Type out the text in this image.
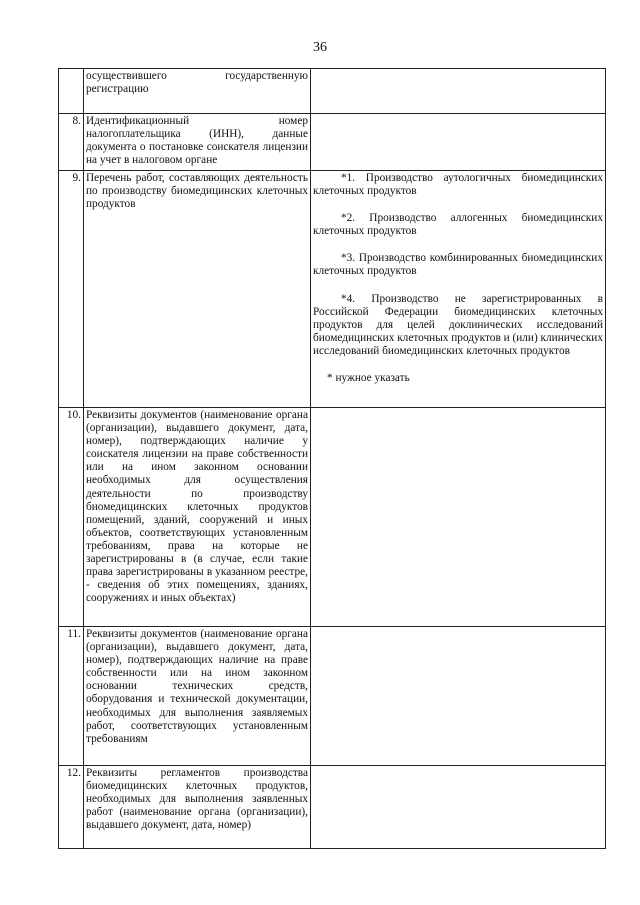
36
	осуществившего государственную регистрацию	
8.	Идентификационный номер налогоплательщика (ИНН), данные документа о постановке соискателя лицензии на учет в налоговом органе	
9.	Перечень работ, составляющих деятельность по производству биомедицинских клеточных продуктов	*1. Производство аутологичных биомедицинских клеточных продуктов
*2. Производство аллогенных биомедицинских клеточных продуктов
*3. Производство комбинированных биомедицинских клеточных продуктов
*4. Производство не зарегистрированных в Российской Федерации биомедицинских клеточных продуктов для целей доклинических исследований биомедицинских клеточных продуктов и (или) клинических исследований биомедицинских клеточных продуктов
* нужное указать

10.	Реквизиты документов (наименование органа (организации), выдавшего документ, дата, номер), подтверждающих наличие у соискателя лицензии на праве собственности или на ином законном основании необходимых для осуществления деятельности по производству биомедицинских клеточных продуктов помещений, зданий, сооружений и иных объектов, соответствующих установленным требованиям, права на которые не зарегистрированы в (в случае, если такие права зарегистрированы в указанном реестре, - сведения об этих помещениях, зданиях, сооружениях и иных объектах)	
11.	Реквизиты документов (наименование органа (организации), выдавшего документ, дата, номер), подтверждающих наличие на праве собственности или на ином законном основании технических средств, оборудования и технической документации, необходимых для выполнения заявляемых работ, соответствующих установленным требованиям	
12.	Реквизиты регламентов производства биомедицинских клеточных продуктов, необходимых для выполнения заявленных работ (наименование органа (организации), выдавшего документ, дата, номер)	
